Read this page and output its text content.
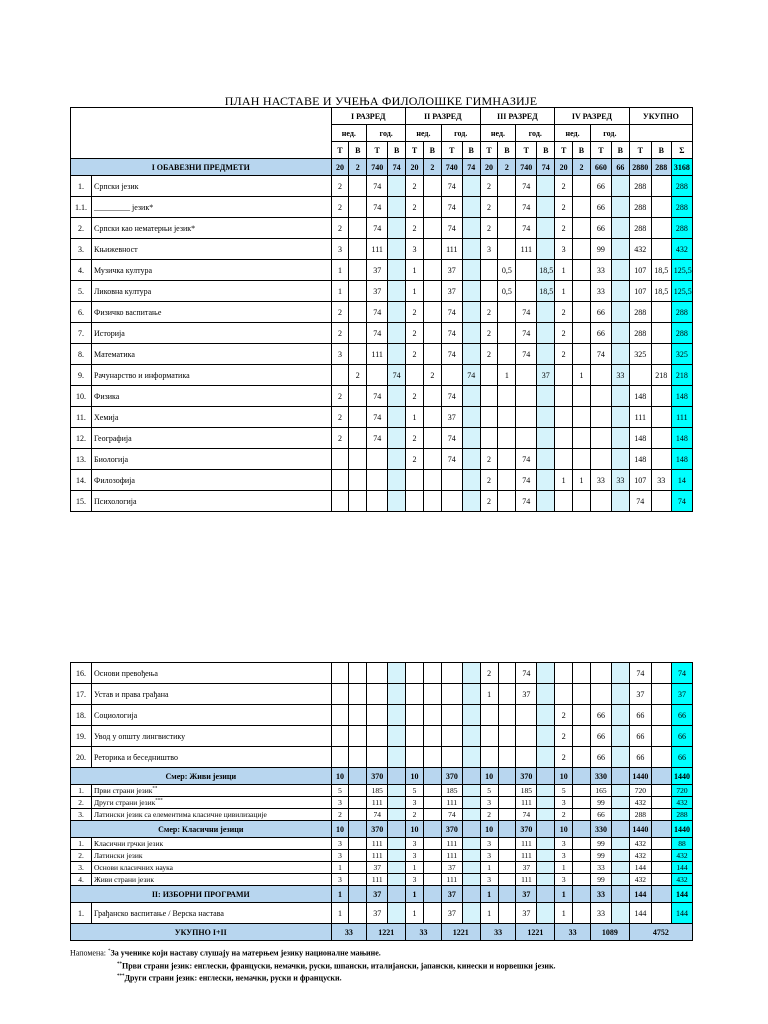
ПЛАН НАСТАВЕ И УЧЕЊА ФИЛОЛОШКЕ ГИМНАЗИЈЕ
		I РАЗРЕД				II РАЗРЕД				III РАЗРЕД				IV РАЗРЕД				УКУПНО		
		нед.		год.		нед.		год.		нед.		год.		нед.		год.				
		Т	В	Т	В	Т	В	Т	В	Т	В	Т	В	Т	В	Т	В	Т	В	Σ
I ОБАВЕЗНИ ПРЕДМЕТИ		20	2	740	74	20	2	740	74	20	2	740	74	20	2	660	66	2880	288	3168
1.	Српски језик	2		74		2		74		2		74		2		66		288		288
1.1.	_________ језик*	2		74		2		74		2		74		2		66		288		288
2.	Српски као нематерњи језик*	2		74		2		74		2		74		2		66		288		288
3.	Књижевност	3		111		3		111		3		111		3		99		432		432
4.	Музичка култура	1		37		1		37			0,5		18,5	1		33		107	18,5	125,5
5.	Ликовна култура	1		37		1		37			0,5		18,5	1		33		107	18,5	125,5
6.	Физичко васпитање	2		74		2		74		2		74		2		66		288		288
7.	Историја	2		74		2		74		2		74		2		66		288		288
8.	Математика	3		111		2		74		2		74		2		74		325		325
9.	Рачунарство и информатика		2		74		2		74		1		37		1		33		218	218
10.	Физика	2		74		2		74										148		148
11.	Хемија	2		74		1		37										111		111
12.	Географија	2		74		2		74										148		148
13.	Биологија					2		74		2		74						148		148
14.	Филозофија									2		74		1	1	33	33	107	33	14
15.	Психологија									2		74						74		74
16.	Основи превођења									2		74						74		74
17.	Устав и права грађана									1		37						37		37
18.	Социологија													2		66		66		66
19.	Увод у општу лингвистику													2		66		66		66
20.	Реторика и беседништво													2		66		66		66
Смер: Живи језици		10		370		10		370		10		370		10		330		1440		1440
1.	Први страни језик**	5		185		5		185		5		185		5		165		720		720
2.	Други страни језик***	3		111		3		111		3		111		3		99		432		432
3.	Латински језик са елементима класичне цивилизације	2		74		2		74		2		74		2		66		288		288
Смер: Класични језици		10		370		10		370		10		370		10		330		1440		1440
1.	Класични грчки језик	3		111		3		111		3		111		3		99		432		88
2.	Латински језик	3		111		3		111		3		111		3		99		432		432
3.	Основи класичних наука	1		37		1		37		1		37		1		33		144		144
4.	Живи страни језик	3		111		3		111		3		111		3		99		432		432
II: ИЗБОРНИ ПРОГРАМИ		1		37		1		37		1		37		1		33		144		144
1.	Грађанско васпитање / Верска настава	1		37		1		37		1		37		1		33		144		144
УКУПНО I+II		33		1221		33		1221		33		1221		33		1089		4752		
Напомена: *За ученике који наставу слушају на матерњем језику националне мањине.
**Први страни језик: енглески, француски, немачки, руски, шпански, италијански, јапански, кинески и норвешки језик.
***Други страни језик: енглески, немачки, руски и француски.
